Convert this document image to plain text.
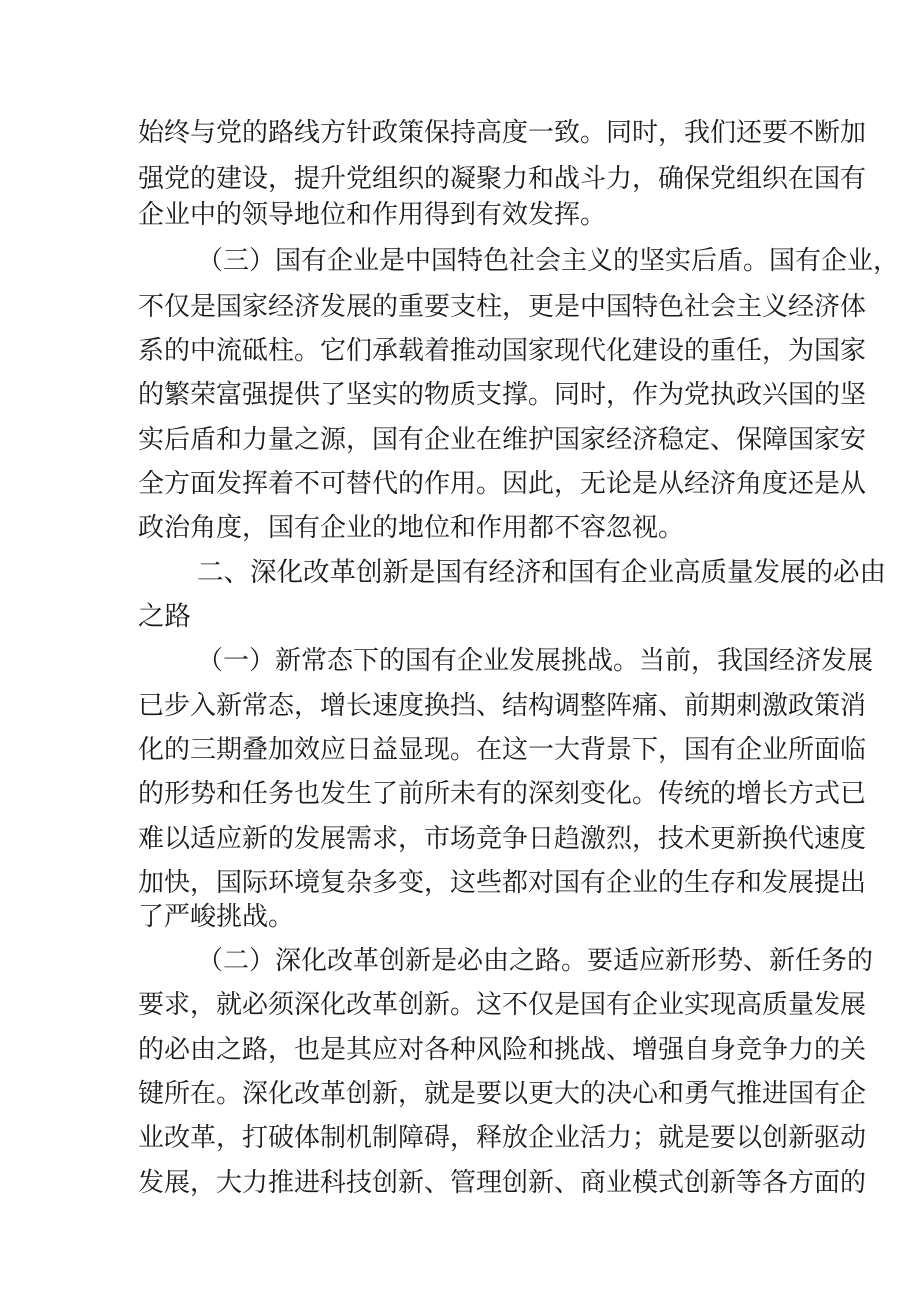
始终与党的路线方针政策保持高度一致。同时，我们还要不断加
强党的建设，提升党组织的凝聚力和战斗力，确保党组织在国有
企业中的领导地位和作用得到有效发挥。
（三）国有企业是中国特色社会主义的坚实后盾。国有企业，
不仅是国家经济发展的重要支柱，更是中国特色社会主义经济体
系的中流砥柱。它们承载着推动国家现代化建设的重任，为国家
的繁荣富强提供了坚实的物质支撑。同时，作为党执政兴国的坚
实后盾和力量之源，国有企业在维护国家经济稳定、保障国家安
全方面发挥着不可替代的作用。因此，无论是从经济角度还是从
政治角度，国有企业的地位和作用都不容忽视。
二、深化改革创新是国有经济和国有企业高质量发展的必由
之路
（一）新常态下的国有企业发展挑战。当前，我国经济发展
已步入新常态，增长速度换挡、结构调整阵痛、前期刺激政策消
化的三期叠加效应日益显现。在这一大背景下，国有企业所面临
的形势和任务也发生了前所未有的深刻变化。传统的增长方式已
难以适应新的发展需求，市场竞争日趋激烈，技术更新换代速度
加快，国际环境复杂多变，这些都对国有企业的生存和发展提出
了严峻挑战。
（二）深化改革创新是必由之路。要适应新形势、新任务的
要求，就必须深化改革创新。这不仅是国有企业实现高质量发展
的必由之路，也是其应对各种风险和挑战、增强自身竞争力的关
键所在。深化改革创新，就是要以更大的决心和勇气推进国有企
业改革，打破体制机制障碍，释放企业活力；就是要以创新驱动
发展，大力推进科技创新、管理创新、商业模式创新等各方面的
